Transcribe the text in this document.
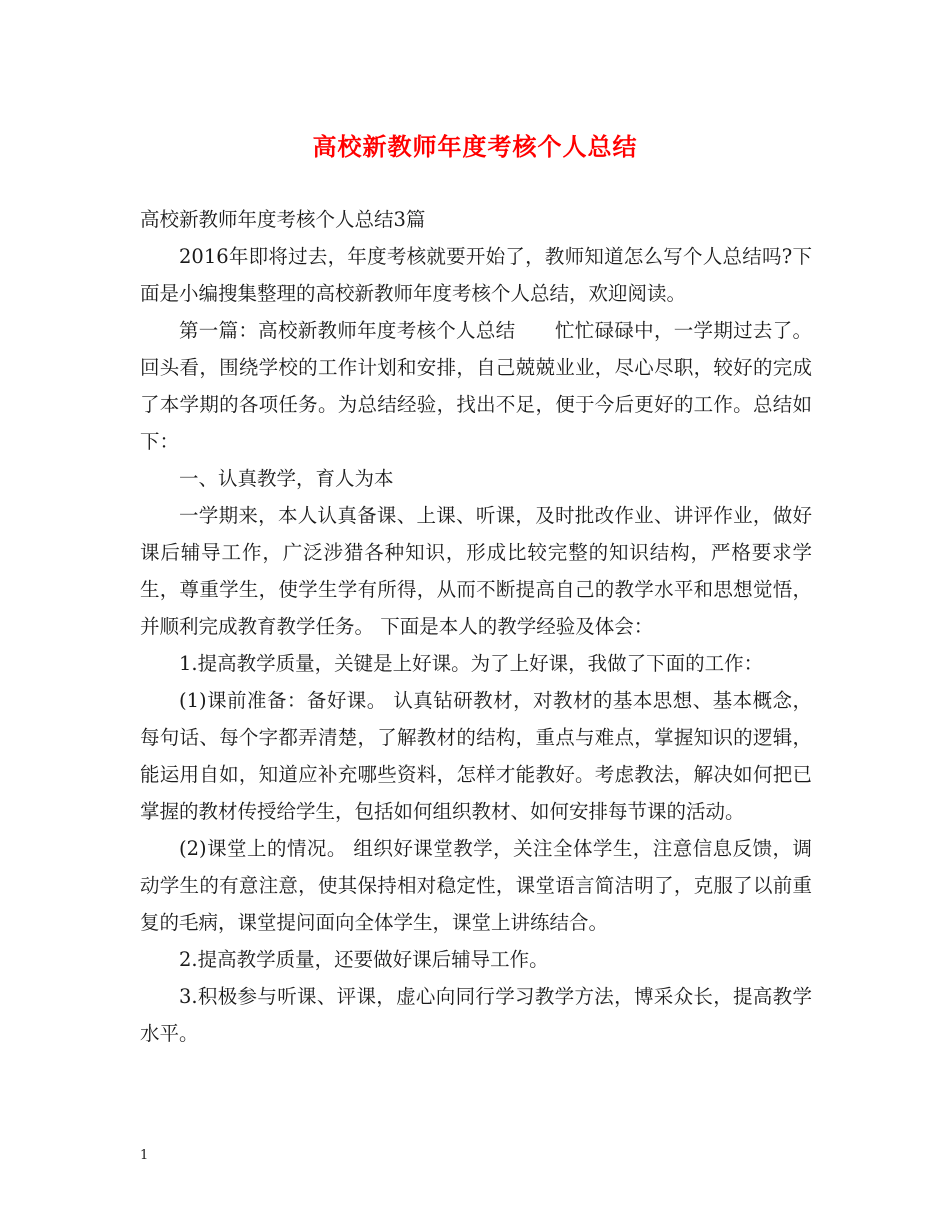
高校新教师年度考核个人总结

高校新教师年度考核个人总结3篇

2016年即将过去，年度考核就要开始了，教师知道怎么写个人总结吗?下面是小编搜集整理的高校新教师年度考核个人总结，欢迎阅读。

第一篇：高校新教师年度考核个人总结　　忙忙碌碌中，一学期过去了。回头看，围绕学校的工作计划和安排，自己兢兢业业，尽心尽职，较好的完成了本学期的各项任务。为总结经验，找出不足，便于今后更好的工作。总结如下：

一、认真教学，育人为本

一学期来，本人认真备课、上课、听课，及时批改作业、讲评作业，做好课后辅导工作，广泛涉猎各种知识，形成比较完整的知识结构，严格要求学生，尊重学生，使学生学有所得，从而不断提高自己的教学水平和思想觉悟，并顺利完成教育教学任务。 下面是本人的教学经验及体会：

1.提高教学质量，关键是上好课。为了上好课，我做了下面的工作：

(1)课前准备：备好课。 认真钻研教材，对教材的基本思想、基本概念，每句话、每个字都弄清楚，了解教材的结构，重点与难点，掌握知识的逻辑，能运用自如，知道应补充哪些资料，怎样才能教好。考虑教法，解决如何把已掌握的教材传授给学生，包括如何组织教材、如何安排每节课的活动。

(2)课堂上的情况。 组织好课堂教学，关注全体学生，注意信息反馈，调动学生的有意注意，使其保持相对稳定性，课堂语言简洁明了，克服了以前重复的毛病，课堂提问面向全体学生，课堂上讲练结合。

2.提高教学质量，还要做好课后辅导工作。

3.积极参与听课、评课，虚心向同行学习教学方法，博采众长，提高教学水平。

1
